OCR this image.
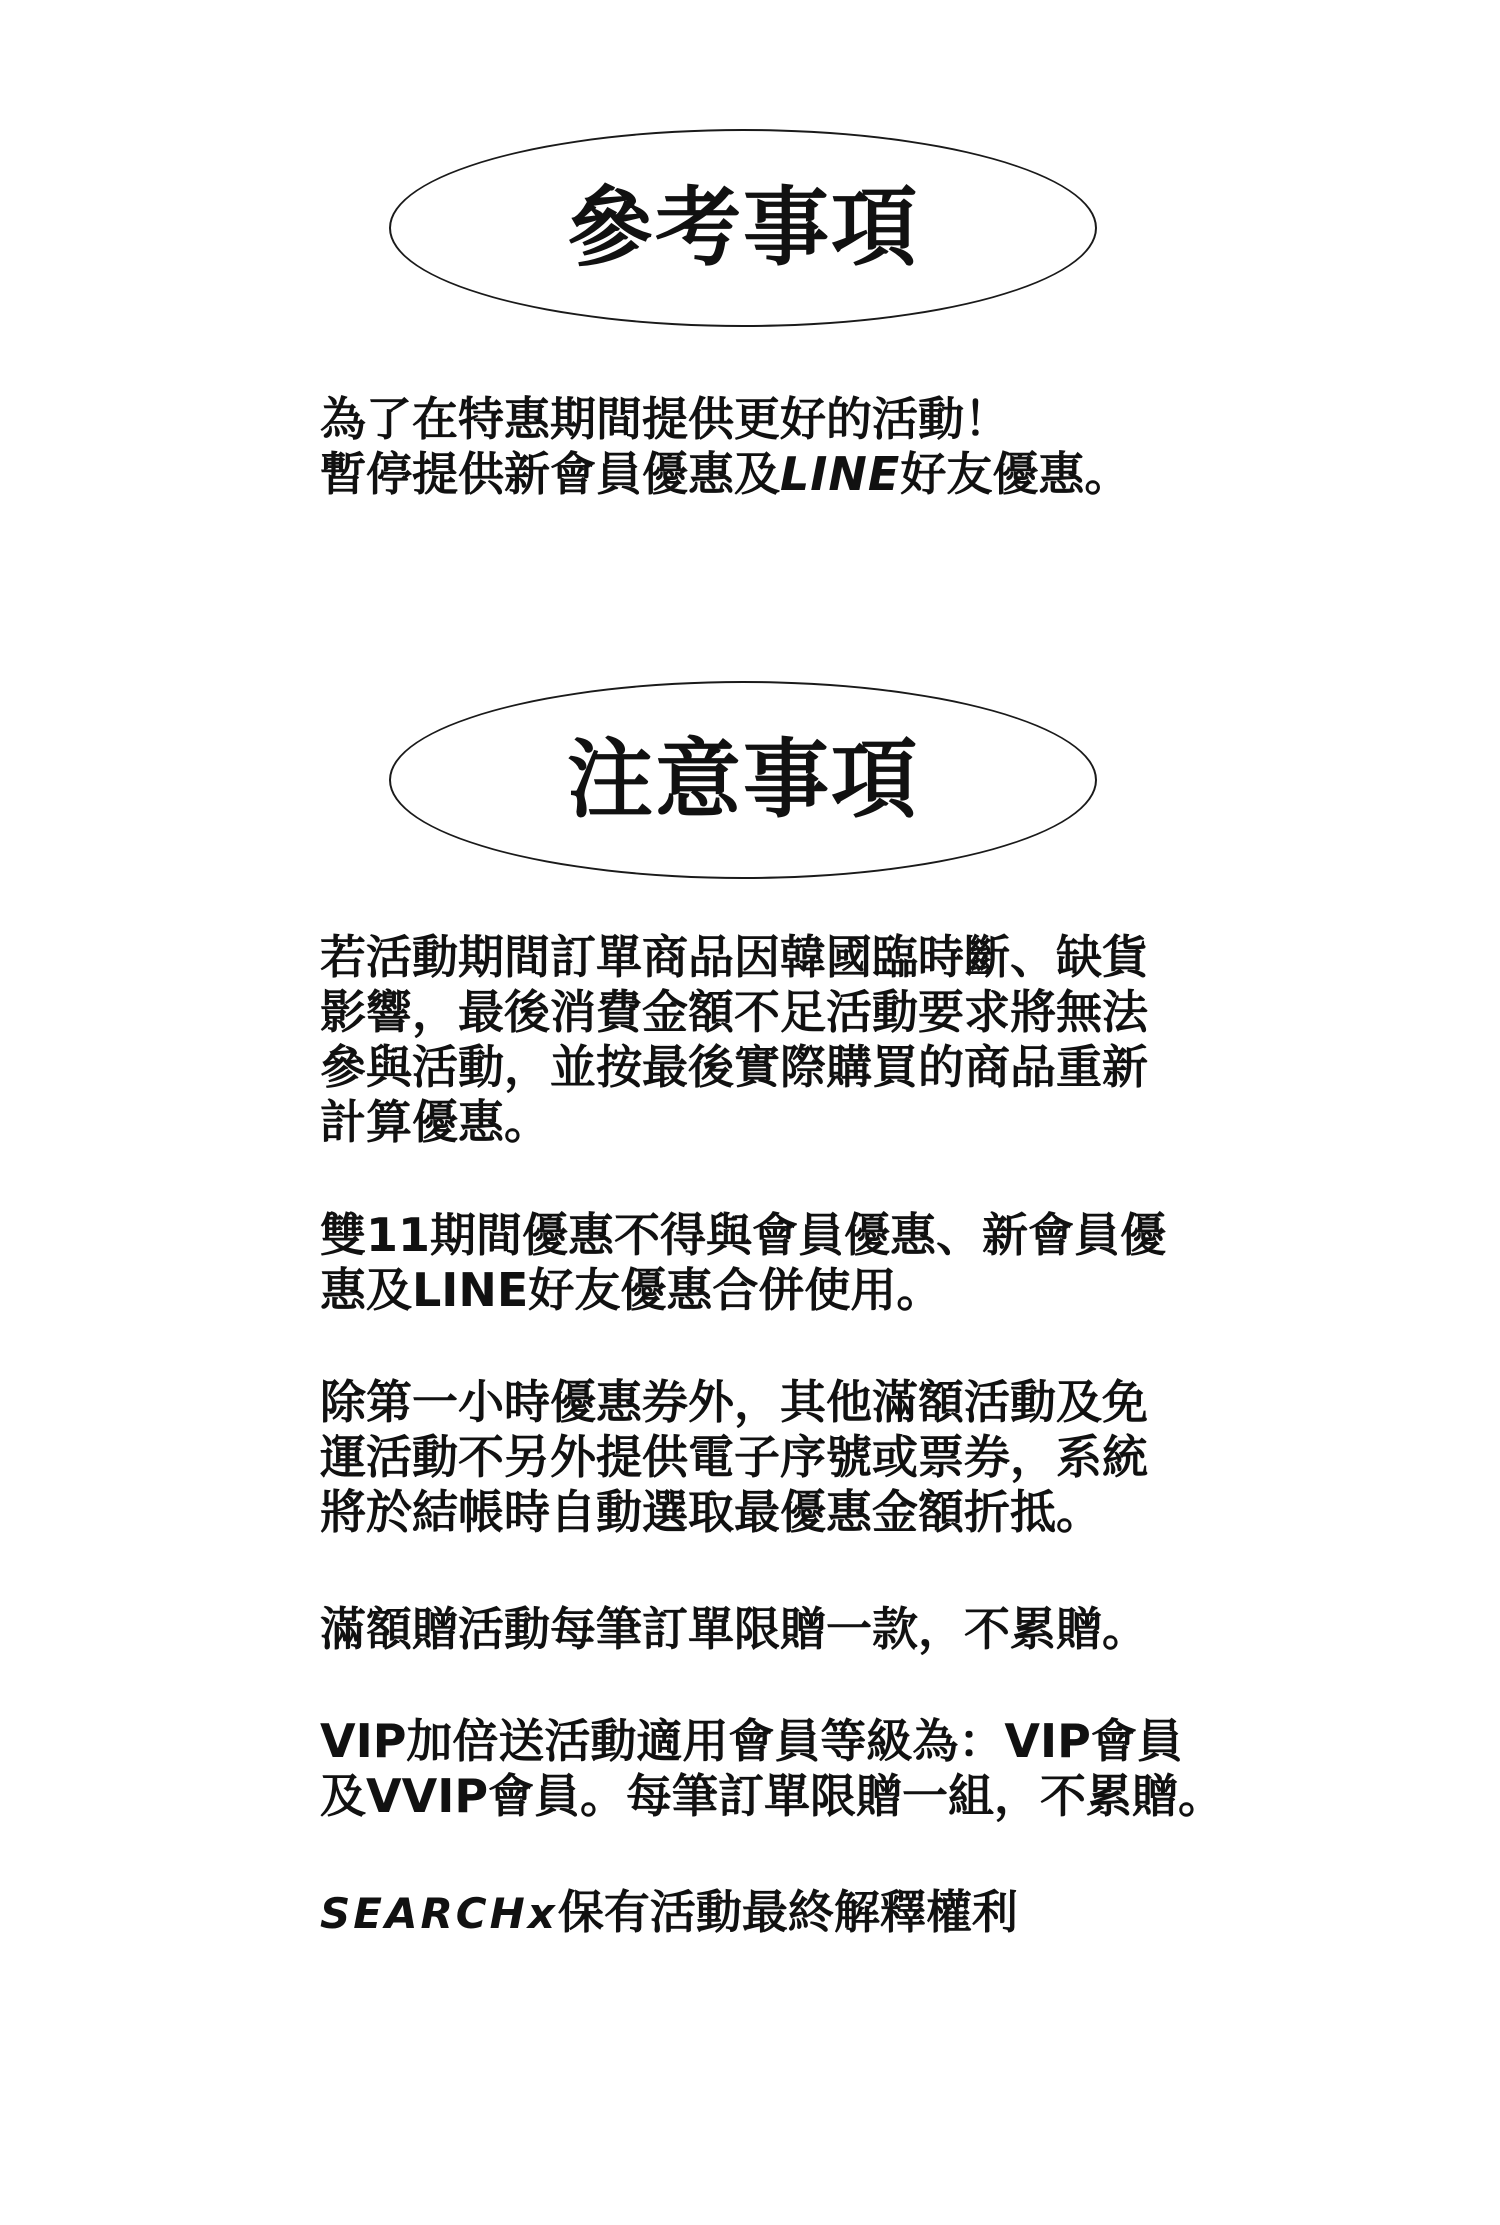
參考事項
為了在特惠期間提供更好的活動！
暫停提供新會員優惠及LINE好友優惠。
注意事項
若活動期間訂單商品因韓國臨時斷、缺貨
影響，最後消費金額不足活動要求將無法
參與活動，並按最後實際購買的商品重新
計算優惠。
雙11期間優惠不得與會員優惠、新會員優
惠及LINE好友優惠合併使用。
除第一小時優惠券外，其他滿額活動及免
運活動不另外提供電子序號或票券，系統
將於結帳時自動選取最優惠金額折抵。
滿額贈活動每筆訂單限贈一款，不累贈。
VIP加倍送活動適用會員等級為：VIP會員
及VVIP會員。每筆訂單限贈一組，不累贈。
SEARCHx保有活動最終解釋權利
